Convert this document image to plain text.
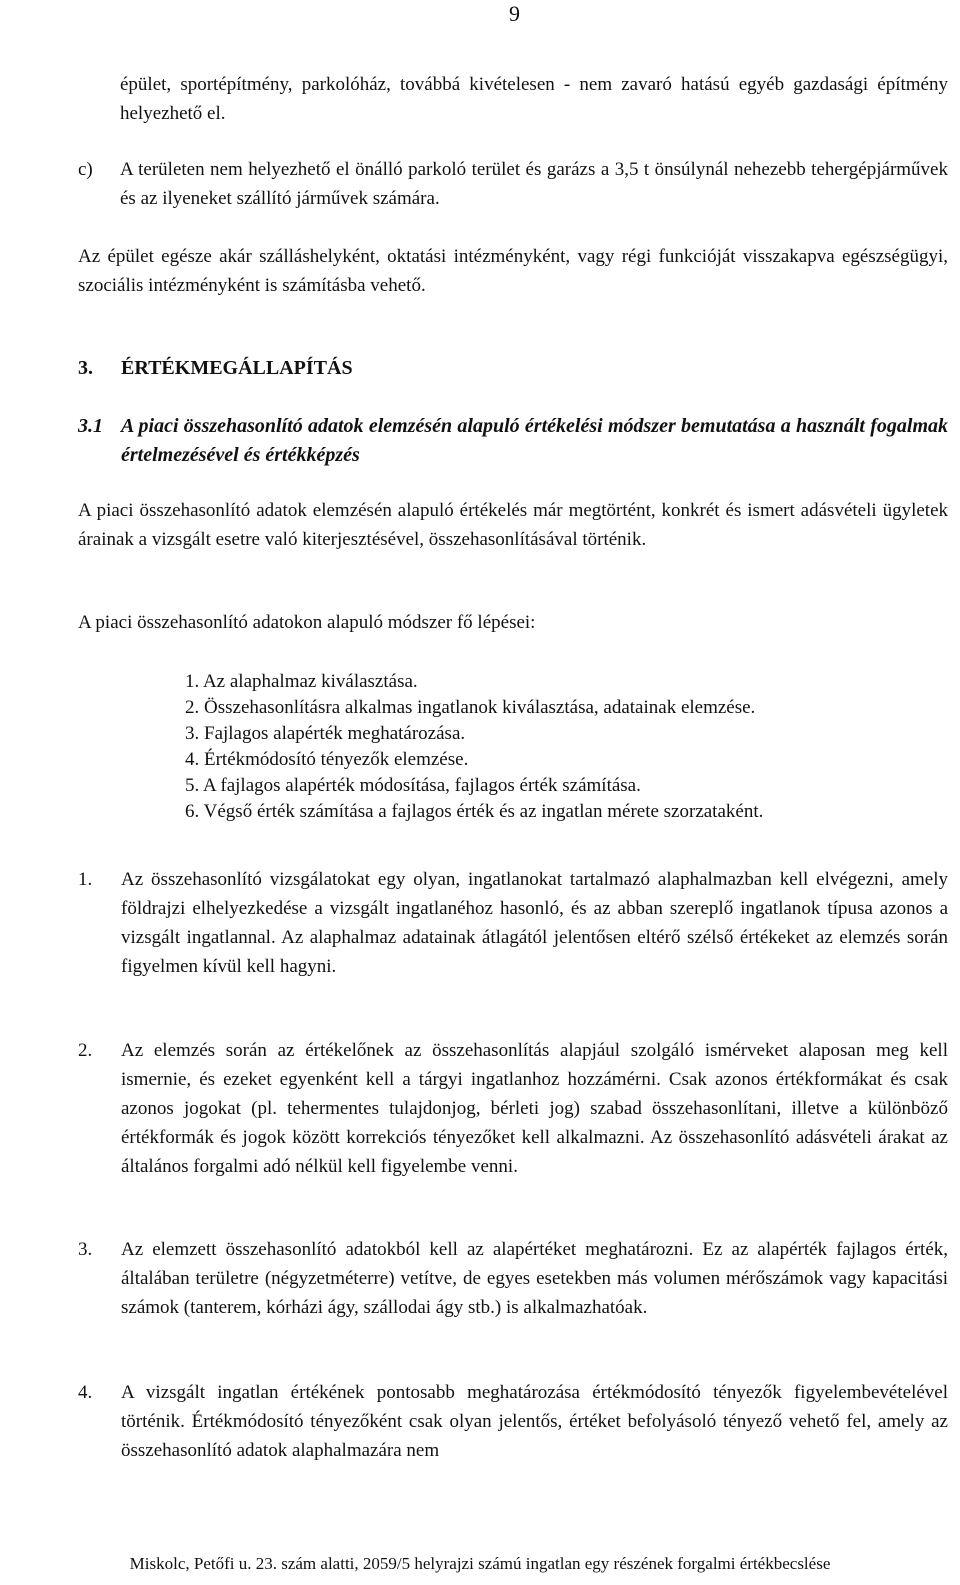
9

épület, sportépítmény, parkolóház, továbbá kivételesen - nem zavaró hatású egyéb gazdasági építmény helyezhető el.

c) A területen nem helyezhető el önálló parkoló terület és garázs a 3,5 t önsúlynál nehezebb tehergépjárművek és az ilyeneket szállító járművek számára.

Az épület egésze akár szálláshelyként, oktatási intézményként, vagy régi funkcióját visszakapva egészségügyi, szociális intézményként is számításba vehető.

3. ÉRTÉKMEGÁLLAPÍTÁS
3.1 A piaci összehasonlító adatok elemzésén alapuló értékelési módszer bemutatása a használt fogalmak értelmezésével és értékképzés

A piaci összehasonlító adatok elemzésén alapuló értékelés már megtörtént, konkrét és ismert adásvételi ügyletek árainak a vizsgált esetre való kiterjesztésével, összehasonlításával történik.

A piaci összehasonlító adatokon alapuló módszer fő lépései:

1. Az alaphalmaz kiválasztása.
2. Összehasonlításra alkalmas ingatlanok kiválasztása, adatainak elemzése.
3. Fajlagos alapérték meghatározása.
4. Értékmódosító tényezők elemzése.
5. A fajlagos alapérték módosítása, fajlagos érték számítása.
6. Végső érték számítása a fajlagos érték és az ingatlan mérete szorzataként.
1. Az összehasonlító vizsgálatokat egy olyan, ingatlanokat tartalmazó alaphalmazban kell elvégezni, amely földrajzi elhelyezkedése a vizsgált ingatlanéhoz hasonló, és az abban szereplő ingatlanok típusa azonos a vizsgált ingatlannal. Az alaphalmaz adatainak átlagától jelentősen eltérő szélső értékeket az elemzés során figyelmen kívül kell hagyni.
2. Az elemzés során az értékelőnek az összehasonlítás alapjául szolgáló ismérveket alaposan meg kell ismernie, és ezeket egyenként kell a tárgyi ingatlanhoz hozzámérni. Csak azonos értékformákat és csak azonos jogokat (pl. tehermentes tulajdonjog, bérleti jog) szabad összehasonlítani, illetve a különböző értékformák és jogok között korrekciós tényezőket kell alkalmazni. Az összehasonlító adásvételi árakat az általános forgalmi adó nélkül kell figyelembe venni.
3. Az elemzett összehasonlító adatokból kell az alapértéket meghatározni. Ez az alapérték fajlagos érték, általában területre (négyzetméterre) vetítve, de egyes esetekben más volumen mérőszámok vagy kapacitási számok (tanterem, kórházi ágy, szállodai ágy stb.) is alkalmazhatóak.
4. A vizsgált ingatlan értékének pontosabb meghatározása értékmódosító tényezők figyelembevételével történik. Értékmódosító tényezőként csak olyan jelentős, értéket befolyásoló tényező vehető fel, amely az összehasonlító adatok alaphalmazára nem
Miskolc, Petőfi u. 23. szám alatti, 2059/5 helyrajzi számú ingatlan egy részének forgalmi értékbecslése
